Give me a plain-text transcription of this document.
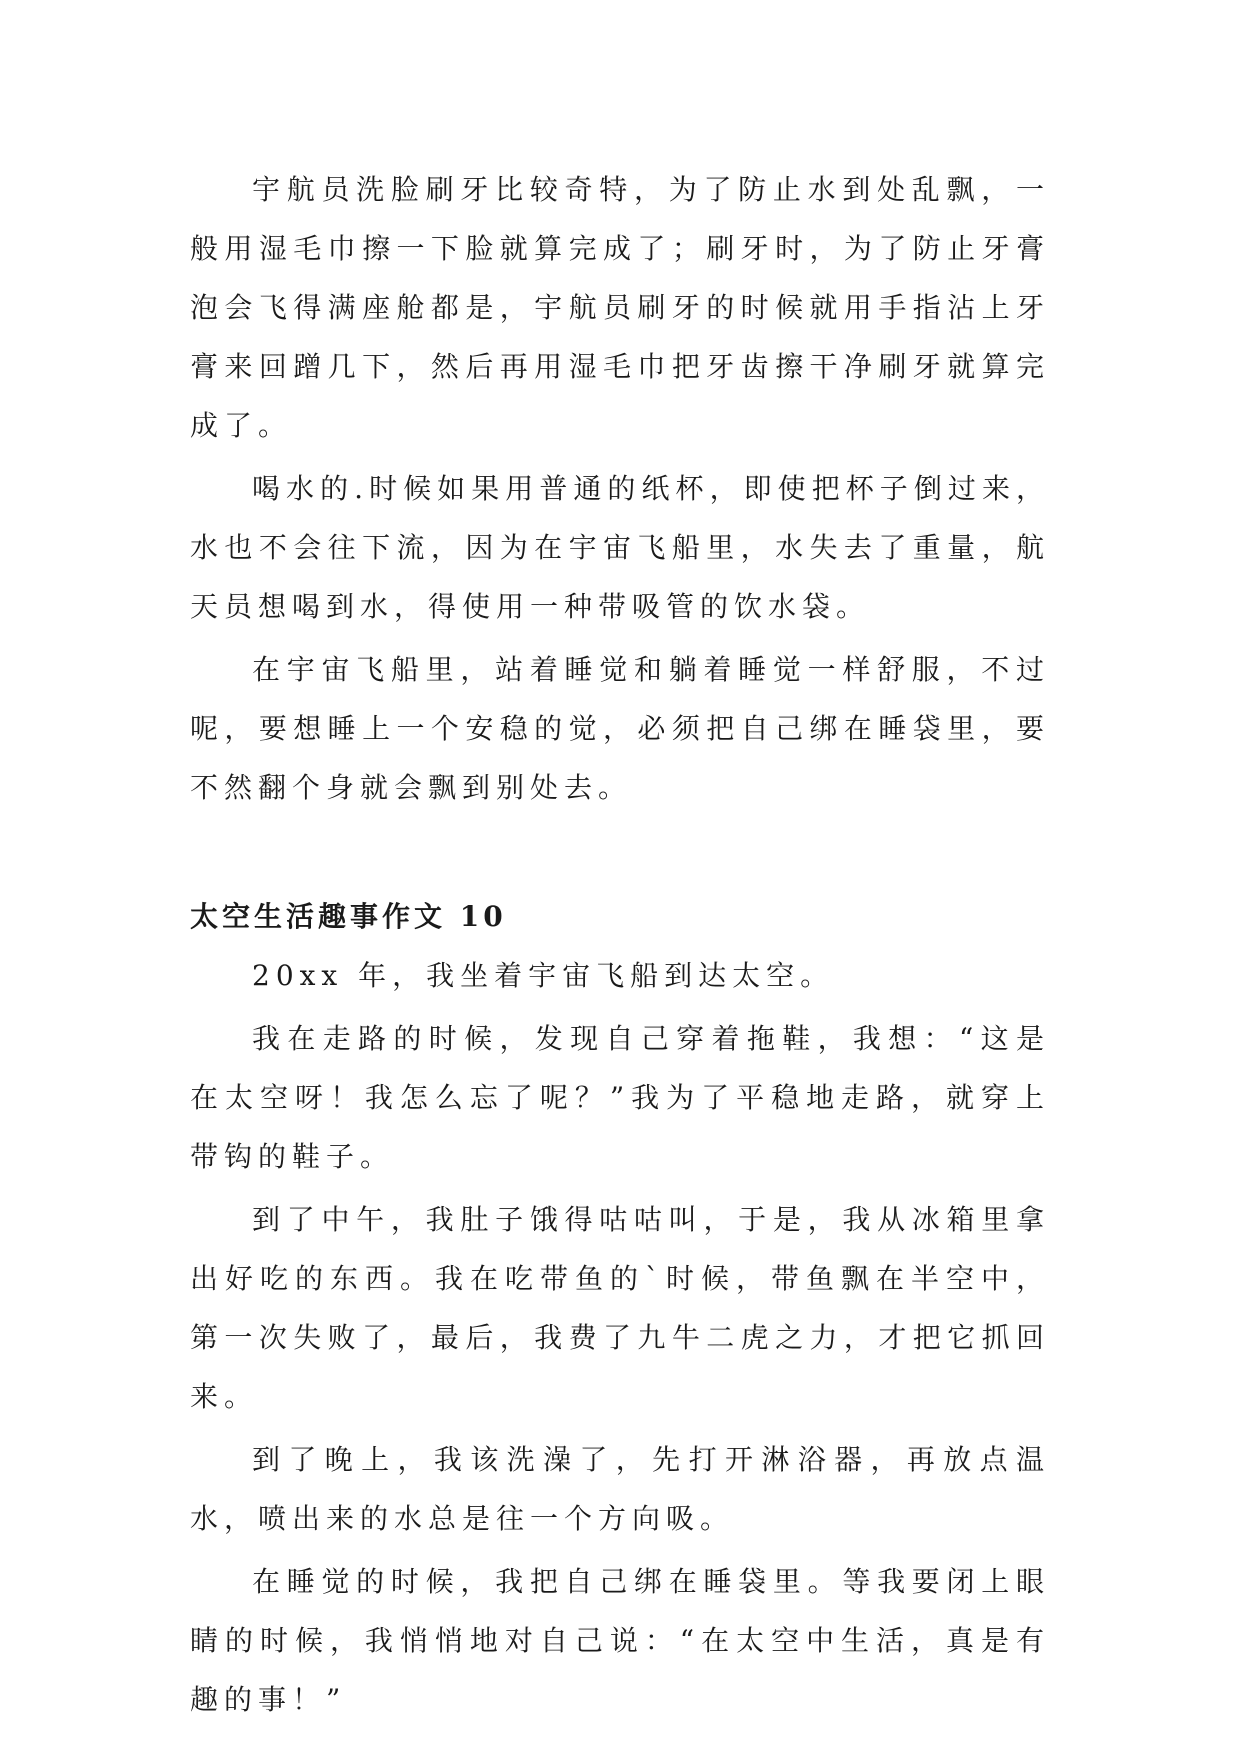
宇航员洗脸刷牙比较奇特，为了防止水到处乱飘，一般用湿毛巾擦一下脸就算完成了；刷牙时，为了防止牙膏泡会飞得满座舱都是，宇航员刷牙的时候就用手指沾上牙膏来回蹭几下，然后再用湿毛巾把牙齿擦干净刷牙就算完成了。

喝水的.时候如果用普通的纸杯，即使把杯子倒过来，水也不会往下流，因为在宇宙飞船里，水失去了重量，航天员想喝到水，得使用一种带吸管的饮水袋。

在宇宙飞船里，站着睡觉和躺着睡觉一样舒服，不过呢，要想睡上一个安稳的觉，必须把自己绑在睡袋里，要不然翻个身就会飘到别处去。

太空生活趣事作文 10

20xx 年，我坐着宇宙飞船到达太空。

我在走路的时候，发现自己穿着拖鞋，我想：“这是在太空呀！我怎么忘了呢？”我为了平稳地走路，就穿上带钩的鞋子。

到了中午，我肚子饿得咕咕叫，于是，我从冰箱里拿出好吃的东西。我在吃带鱼的`时候，带鱼飘在半空中，第一次失败了，最后，我费了九牛二虎之力，才把它抓回来。

到了晚上，我该洗澡了，先打开淋浴器，再放点温水，喷出来的水总是往一个方向吸。

在睡觉的时候，我把自己绑在睡袋里。等我要闭上眼睛的时候，我悄悄地对自己说：“在太空中生活，真是有趣的事！”
